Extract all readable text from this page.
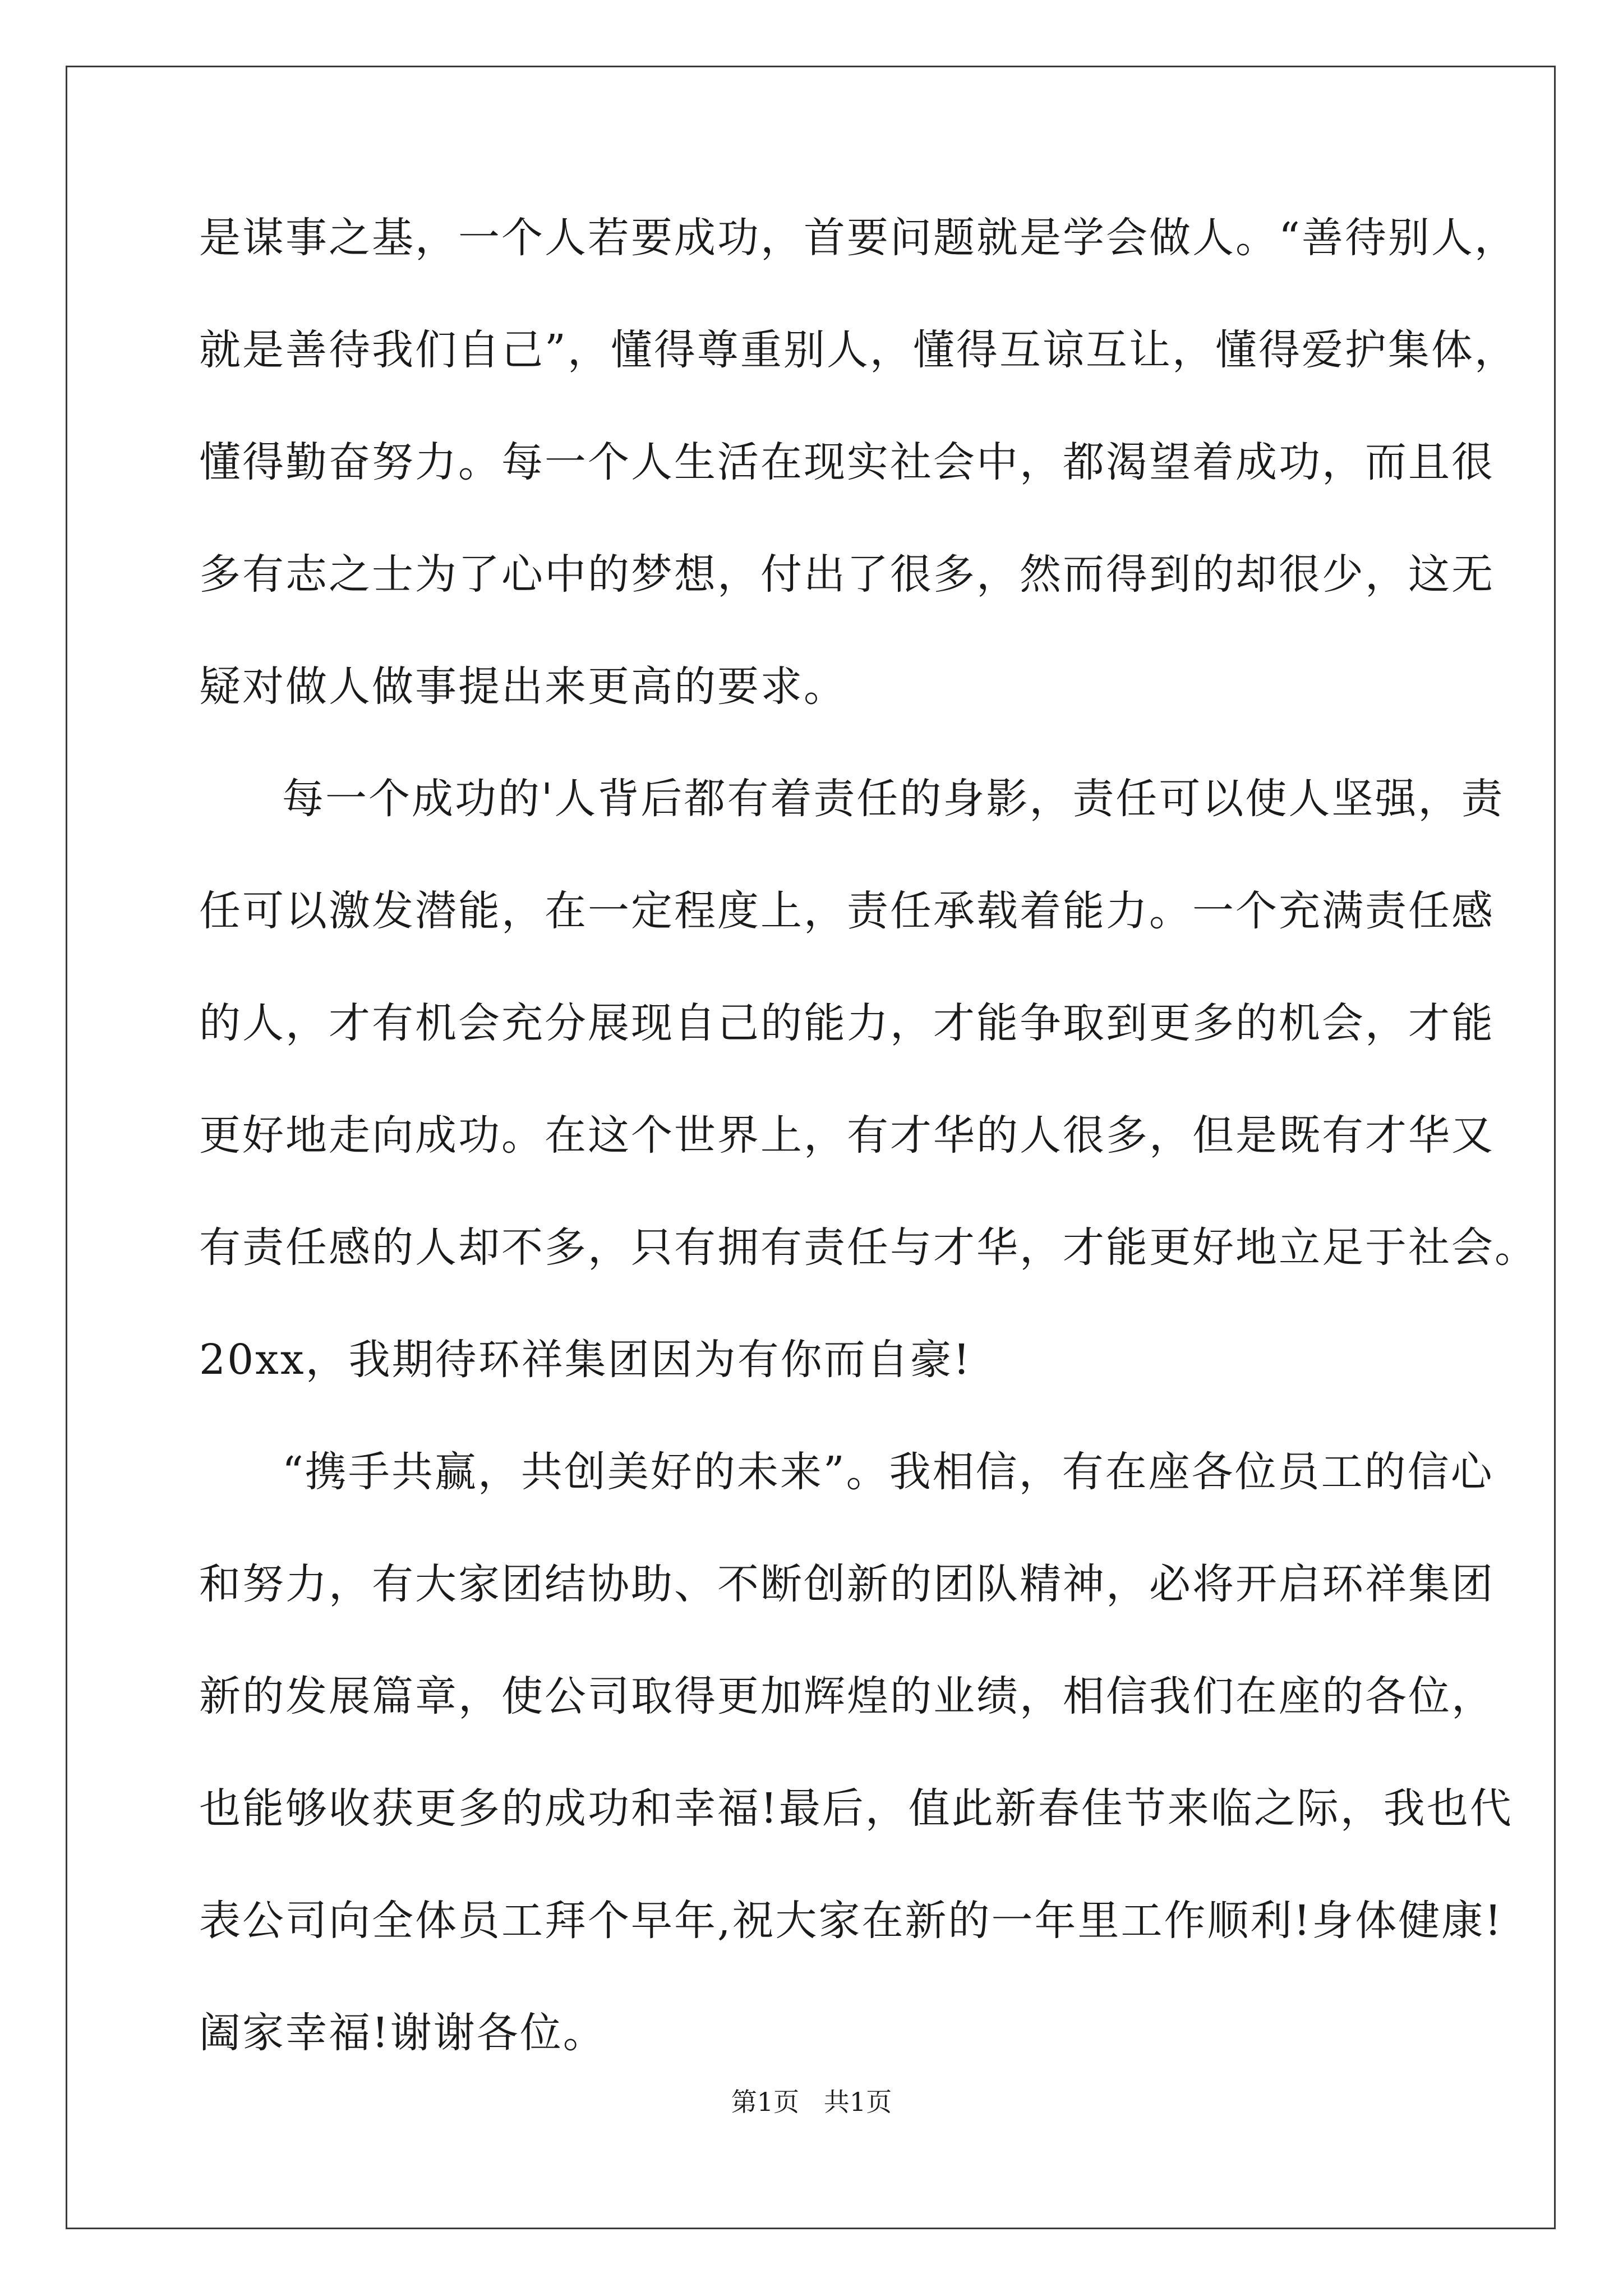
是谋事之基，一个人若要成功，首要问题就是学会做人。“善待别人，
就是善待我们自己”，懂得尊重别人，懂得互谅互让，懂得爱护集体，
懂得勤奋努力。每一个人生活在现实社会中，都渴望着成功，而且很
多有志之士为了心中的梦想，付出了很多，然而得到的却很少，这无
疑对做人做事提出来更高的要求。
每一个成功的'人背后都有着责任的身影，责任可以使人坚强，责
任可以激发潜能，在一定程度上，责任承载着能力。一个充满责任感
的人，才有机会充分展现自己的能力，才能争取到更多的机会，才能
更好地走向成功。在这个世界上，有才华的人很多，但是既有才华又
有责任感的人却不多，只有拥有责任与才华，才能更好地立足于社会。
20xx，我期待环祥集团因为有你而自豪!
“携手共赢，共创美好的未来”。我相信，有在座各位员工的信心
和努力，有大家团结协助、不断创新的团队精神，必将开启环祥集团
新的发展篇章，使公司取得更加辉煌的业绩，相信我们在座的各位，
也能够收获更多的成功和幸福!最后，值此新春佳节来临之际，我也代
表公司向全体员工拜个早年,祝大家在新的一年里工作顺利!身体健康!
阖家幸福!谢谢各位。
第1页   共1页
